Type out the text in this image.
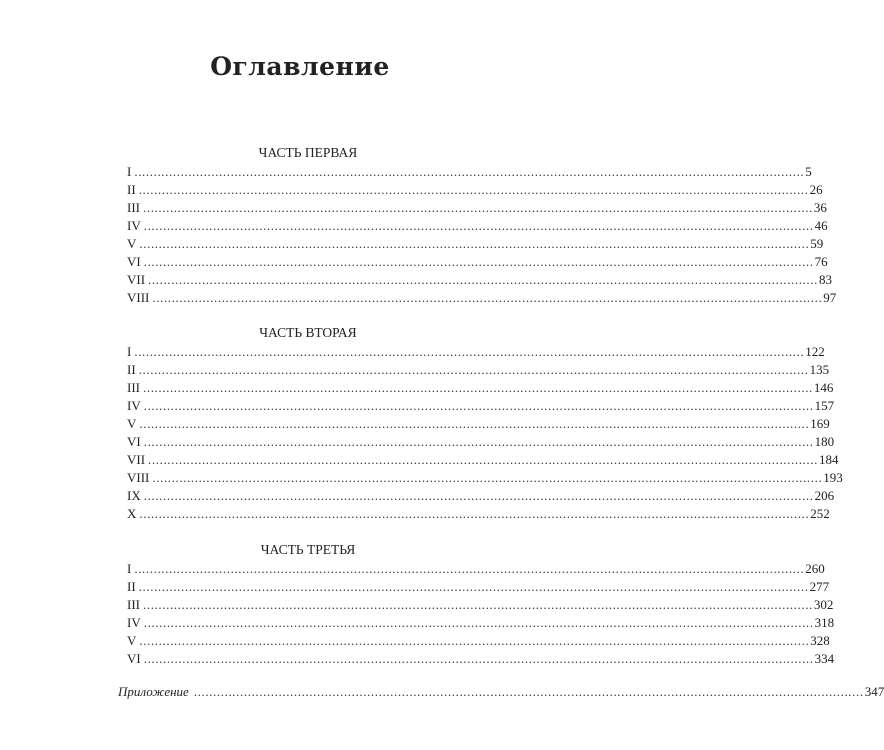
Оглавление
ЧАСТЬ ПЕРВАЯ
I .....	5
II .....	26
III .....	36
IV .....	46
V .....	59
VI .....	76
VII .....	83
VIII .....	97
ЧАСТЬ ВТОРАЯ
I .....	122
II .....	135
III .....	146
IV .....	157
V .....	169
VI .....	180
VII .....	184
VIII .....	193
IX .....	206
X .....	252
ЧАСТЬ ТРЕТЬЯ
I .....	260
II .....	277
III .....	302
IV .....	318
V .....	328
VI .....	334
Приложение .....	347
